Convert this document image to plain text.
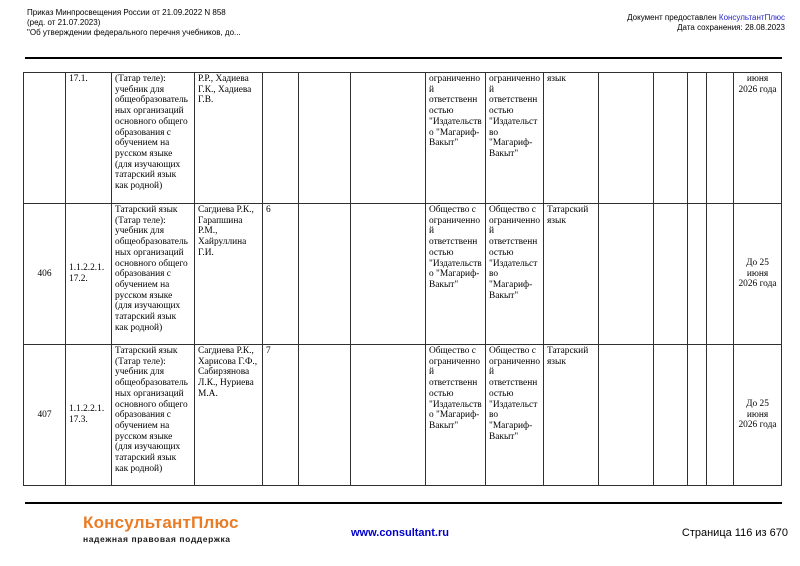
Приказ Минпросвещения России от 21.09.2022 N 858
(ред. от 21.07.2023)
"Об утверждении федерального перечня учебников, до...
Документ предоставлен КонсультантПлюс
Дата сохранения: 28.08.2023
	17.1.	(Татар теле): учебник для общеобразовательных организаций основного общего образования с обучением на русском языке (для изучающих татарский язык как родной)	Р.Р., Хадиева Г.К., Хадиева Г.В.				ограниченной ответственностью "Издательство "Магариф-Вакыт"	ограниченной ответственностью "Издательство "Магариф-Вакыт"	язык					июня 2026 года
406	1.1.2.2.1. 17.2.	Татарский язык (Татар теле): учебник для общеобразовательных организаций основного общего образования с обучением на русском языке (для изучающих татарский язык как родной)	Сагдиева Р.К., Гарапшина Р.М., Хайруллина Г.И.	6			Общество с ограниченной ответственностью "Издательство "Магариф-Вакыт"	Общество с ограниченной ответственностью "Издательство "Магариф-Вакыт"	Татарский язык					До 25 июня 2026 года
407	1.1.2.2.1. 17.3.	Татарский язык (Татар теле): учебник для общеобразовательных организаций основного общего образования с обучением на русском языке (для изучающих татарский язык как родной)	Сагдиева Р.К., Харисова Г.Ф., Сабирзянова Л.К., Нуриева М.А.	7			Общество с ограниченной ответственностью "Издательство "Магариф-Вакыт"	Общество с ограниченной ответственностью "Издательство "Магариф-Вакыт"	Татарский язык					До 25 июня 2026 года
КонсультантПлюс
надежная правовая поддержка	www.consultant.ru	Страница 116 из 670
